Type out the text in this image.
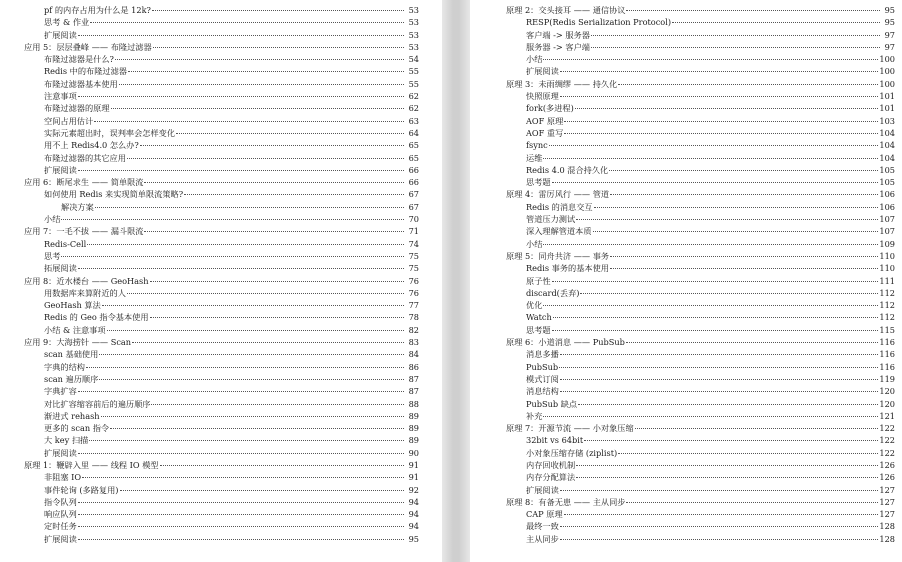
pf 的内存占用为什么是 12k?	53
思考 & 作业	53
扩展阅读	53
应用 5：层层叠峰 —— 布隆过滤器	53
布隆过滤器是什么?	54
Redis 中的布隆过滤器	55
布隆过滤器基本使用	55
注意事项	62
布隆过滤器的原理	62
空间占用估计	63
实际元素超出时，误判率会怎样变化	64
用不上 Redis4.0 怎么办?	65
布隆过滤器的其它应用	65
扩展阅读	66
应用 6：断尾求生 —— 简单限流	66
如何使用 Redis 来实现简单限流策略?	67
解决方案	67
小结	70
应用 7：一毛不拔 —— 漏斗限流	71
Redis-Cell	74
思考	75
拓展阅读	75
应用 8：近水楼台 —— GeoHash	76
用数据库来算附近的人	76
GeoHash 算法	77
Redis 的 Geo 指令基本使用	78
小结 & 注意事项	82
应用 9：大海捞针 —— Scan	83
scan 基础使用	84
字典的结构	86
scan 遍历顺序	87
字典扩容	87
对比扩容缩容前后的遍历顺序	88
渐进式 rehash	89
更多的 scan 指令	89
大 key 扫描	89
扩展阅读	90
原理 1：鞭辟入里 —— 线程 IO 模型	91
非阻塞 IO	91
事件轮询 (多路复用)	92
指令队列	94
响应队列	94
定时任务	94
扩展阅读	95
原理 2：交头接耳 —— 通信协议	95
RESP(Redis Serialization Protocol)	95
客户端 -> 服务器	97
服务器 -> 客户端	97
小结	100
扩展阅读	100
原理 3：未雨绸缪 —— 持久化	100
快照原理	101
fork(多进程)	101
AOF 原理	103
AOF 重写	104
fsync	104
运维	104
Redis 4.0 混合持久化	105
思考题	105
原理 4：雷厉风行 —— 管道	106
Redis 的消息交互	106
管道压力测试	107
深入理解管道本质	107
小结	109
原理 5：同舟共济 —— 事务	110
Redis 事务的基本使用	110
原子性	111
discard(丢弃)	112
优化	112
Watch	112
思考题	115
原理 6：小道消息 —— PubSub	116
消息多播	116
PubSub	116
模式订阅	119
消息结构	120
PubSub 缺点	120
补充	121
原理 7：开源节流 —— 小对象压缩	122
32bit vs 64bit	122
小对象压缩存储 (ziplist)	122
内存回收机制	126
内存分配算法	126
扩展阅读	127
原理 8：有备无患 —— 主从同步	127
CAP 原理	127
最终一致	128
主从同步	128
